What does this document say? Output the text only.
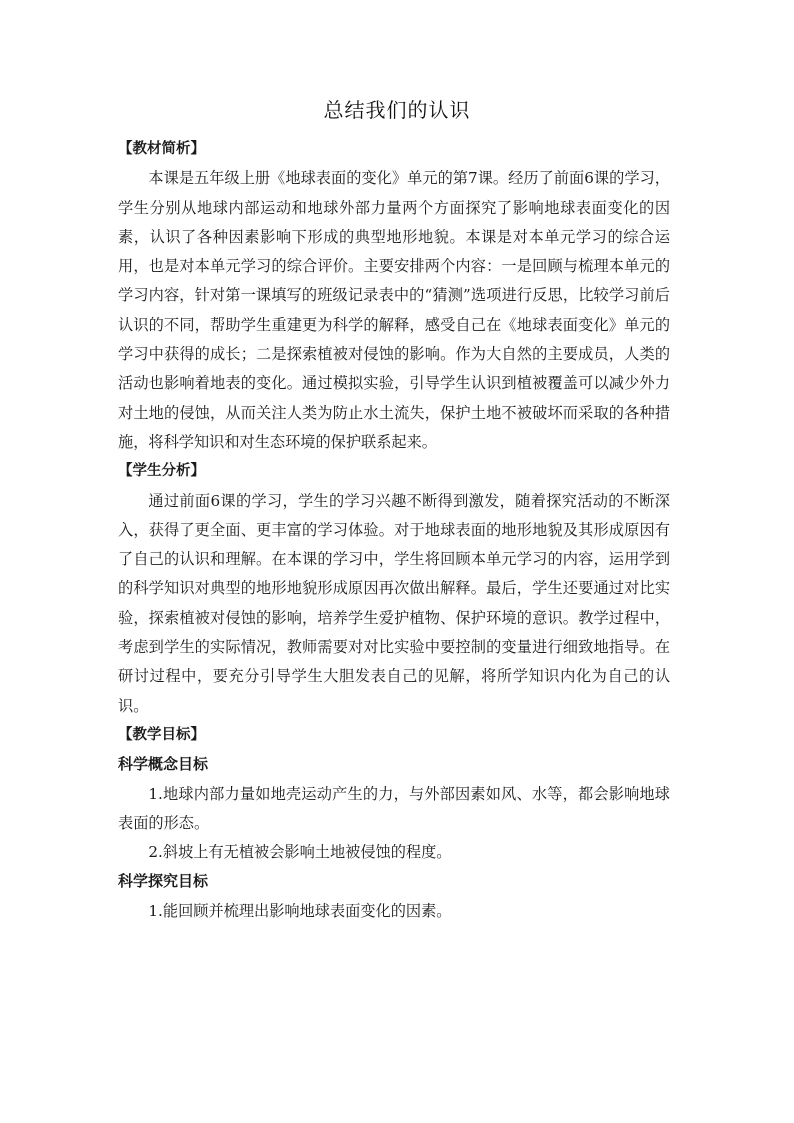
总结我们的认识

【教材简析】

本课是五年级上册《地球表面的变化》单元的第7课。经历了前面6课的学习，学生分别从地球内部运动和地球外部力量两个方面探究了影响地球表面变化的因素，认识了各种因素影响下形成的典型地形地貌。本课是对本单元学习的综合运用，也是对本单元学习的综合评价。主要安排两个内容：一是回顾与梳理本单元的学习内容，针对第一课填写的班级记录表中的“猜测”选项进行反思，比较学习前后认识的不同，帮助学生重建更为科学的解释，感受自己在《地球表面变化》单元的学习中获得的成长；二是探索植被对侵蚀的影响。作为大自然的主要成员，人类的活动也影响着地表的变化。通过模拟实验，引导学生认识到植被覆盖可以减少外力对土地的侵蚀，从而关注人类为防止水土流失，保护土地不被破坏而采取的各种措施，将科学知识和对生态环境的保护联系起来。

【学生分析】

通过前面6课的学习，学生的学习兴趣不断得到激发，随着探究活动的不断深入，获得了更全面、更丰富的学习体验。对于地球表面的地形地貌及其形成原因有了自己的认识和理解。在本课的学习中，学生将回顾本单元学习的内容，运用学到的科学知识对典型的地形地貌形成原因再次做出解释。最后，学生还要通过对比实验，探索植被对侵蚀的影响，培养学生爱护植物、保护环境的意识。教学过程中，考虑到学生的实际情况，教师需要对对比实验中要控制的变量进行细致地指导。在研讨过程中，要充分引导学生大胆发表自己的见解，将所学知识内化为自己的认识。

【教学目标】

科学概念目标

1.地球内部力量如地壳运动产生的力，与外部因素如风、水等，都会影响地球表面的形态。

2.斜坡上有无植被会影响土地被侵蚀的程度。

科学探究目标

1.能回顾并梳理出影响地球表面变化的因素。
